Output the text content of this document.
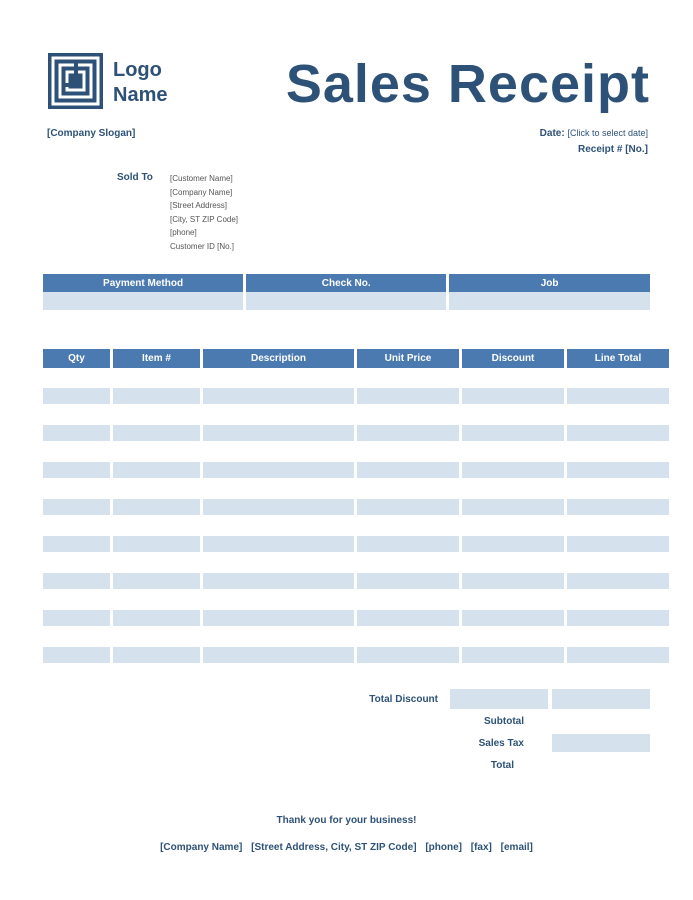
Logo
Name	Sales Receipt
[Company Slogan]	Date: [Click to select date]
Receipt # [No.]
Sold To [Customer Name]
[Company Name]
[Street Address]
[City, ST ZIP Code]
[phone]
Customer ID [No.]
Payment Method	Check No.	Job

Qty	Item #	Description	Unit Price	Discount	Line Total

Total Discount
Subtotal
Sales Tax
Total
Thank you for your business!
[Company Name] [Street Address, City, ST ZIP Code] [phone] [fax] [email]
